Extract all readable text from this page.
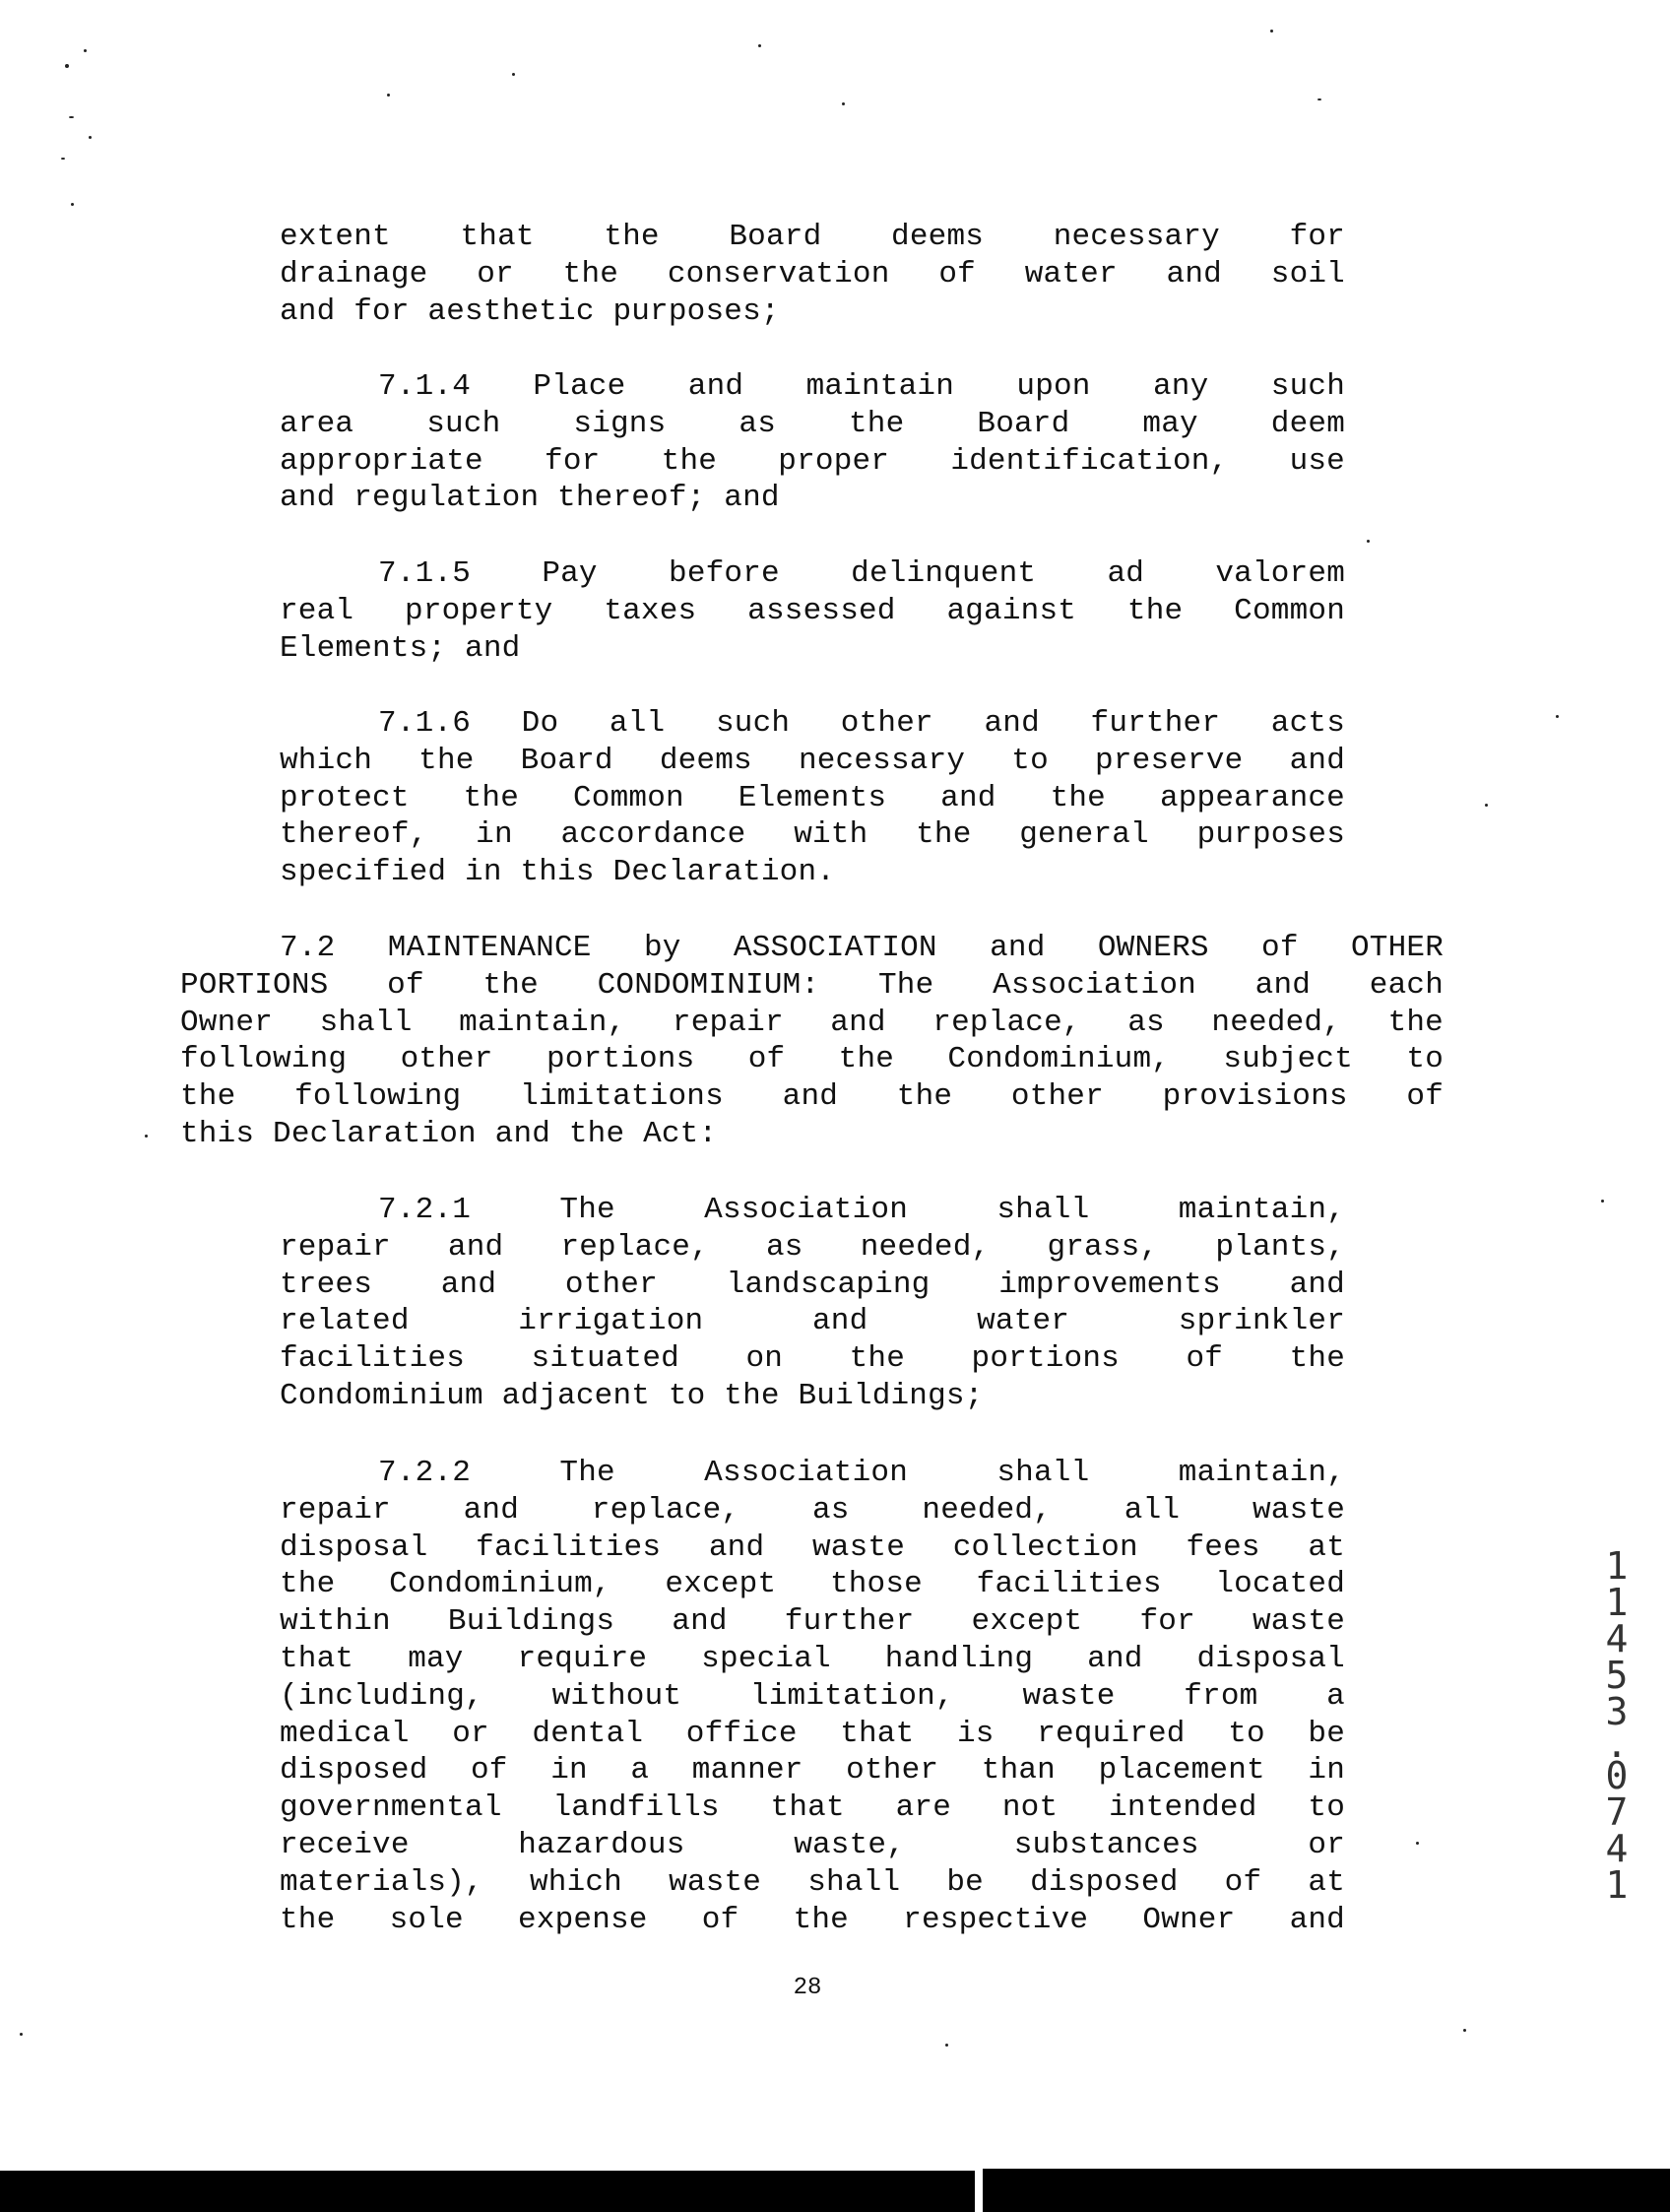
extent that the Board deems necessary for
drainage or the conservation of water and soil
and for aesthetic purposes;
7.1.4 Place and maintain upon any such
area such signs as the Board may deem
appropriate for the proper identification, use
and regulation thereof; and
7.1.5 Pay before delinquent ad valorem
real property taxes assessed against the Common
Elements; and
7.1.6 Do all such other and further acts
which the Board deems necessary to preserve and
protect the Common Elements and the appearance
thereof, in accordance with the general purposes
specified in this Declaration.
7.2 MAINTENANCE by ASSOCIATION and OWNERS of OTHER
PORTIONS of the CONDOMINIUM: The Association and each
Owner shall maintain, repair and replace, as needed, the
following other portions of the Condominium, subject to
the following limitations and the other provisions of
this Declaration and the Act:
7.2.1 The Association shall maintain,
repair and replace, as needed, grass, plants,
trees and other landscaping improvements and
related irrigation and water sprinkler
facilities situated on the portions of the
Condominium adjacent to the Buildings;
7.2.2 The Association shall maintain,
repair and replace, as needed, all waste
disposal facilities and waste collection fees at
the Condominium, except those facilities located
within Buildings and further except for waste
that may require special handling and disposal
(including, without limitation, waste from a
medical or dental office that is required to be
disposed of in a manner other than placement in
governmental landfills that are not intended to
receive hazardous waste, substances or
materials), which waste shall be disposed of at
the sole expense of the respective Owner and
28
1
1
4
5
3
.
0
7
4
1
